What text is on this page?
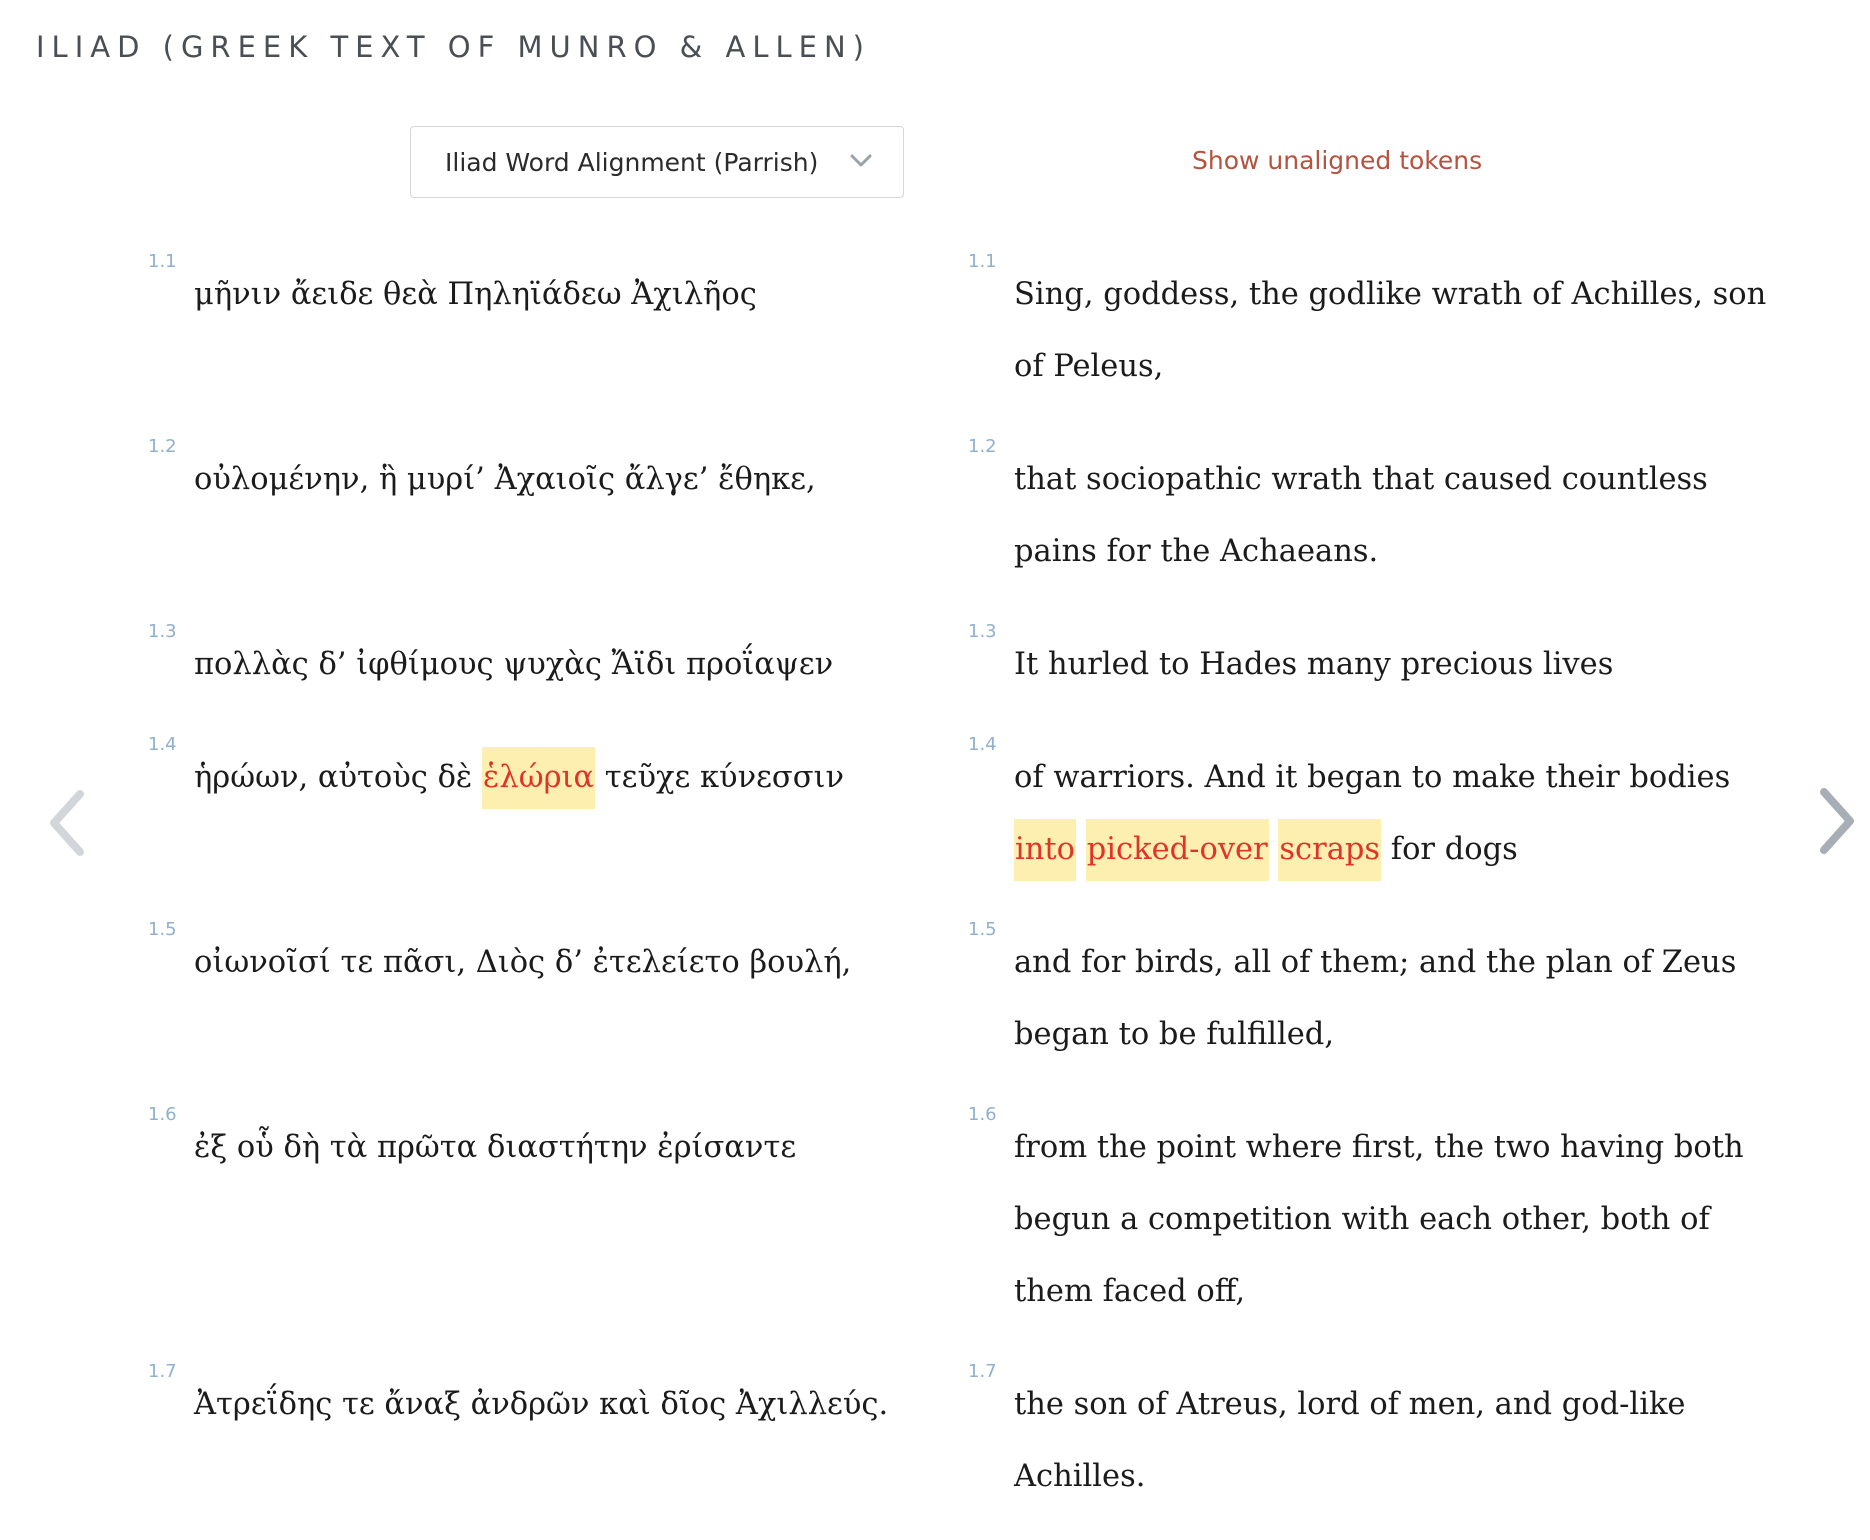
ILIAD (GREEK TEXT OF MUNRO & ALLEN)
Iliad Word Alignment (Parrish)	Show unaligned tokens
1.1
μῆνιν ἄειδε θεὰ Πηληϊάδεω Ἀχιλῆος
1.2
οὐλομένην, ἣ μυρί’ Ἀχαιοῖς ἄλγε’ ἔθηκε,
1.3
πολλὰς δ’ ἰφθίμους ψυχὰς Ἄϊδι προΐαψεν
1.4
ἡρώων, αὐτοὺς δὲ ἑλώρια τεῦχε κύνεσσιν
1.5
οἰωνοῖσί τε πᾶσι, Διὸς δ’ ἐτελείετο βουλή,
1.6
ἐξ οὗ δὴ τὰ πρῶτα διαστήτην ἐρίσαντε
1.7
Ἀτρεΐδης τε ἄναξ ἀνδρῶν καὶ δῖος Ἀχιλλεύς.
1.1
Sing, goddess, the godlike wrath of Achilles, son
of Peleus,
1.2
that sociopathic wrath that caused countless
pains for the Achaeans.
1.3
It hurled to Hades many precious lives
1.4
of warriors. And it began to make their bodies
into picked-over scraps for dogs
1.5
and for birds, all of them; and the plan of Zeus
began to be fulfilled,
1.6
from the point where first, the two having both
begun a competition with each other, both of
them faced off,
1.7
the son of Atreus, lord of men, and god-like
Achilles.
